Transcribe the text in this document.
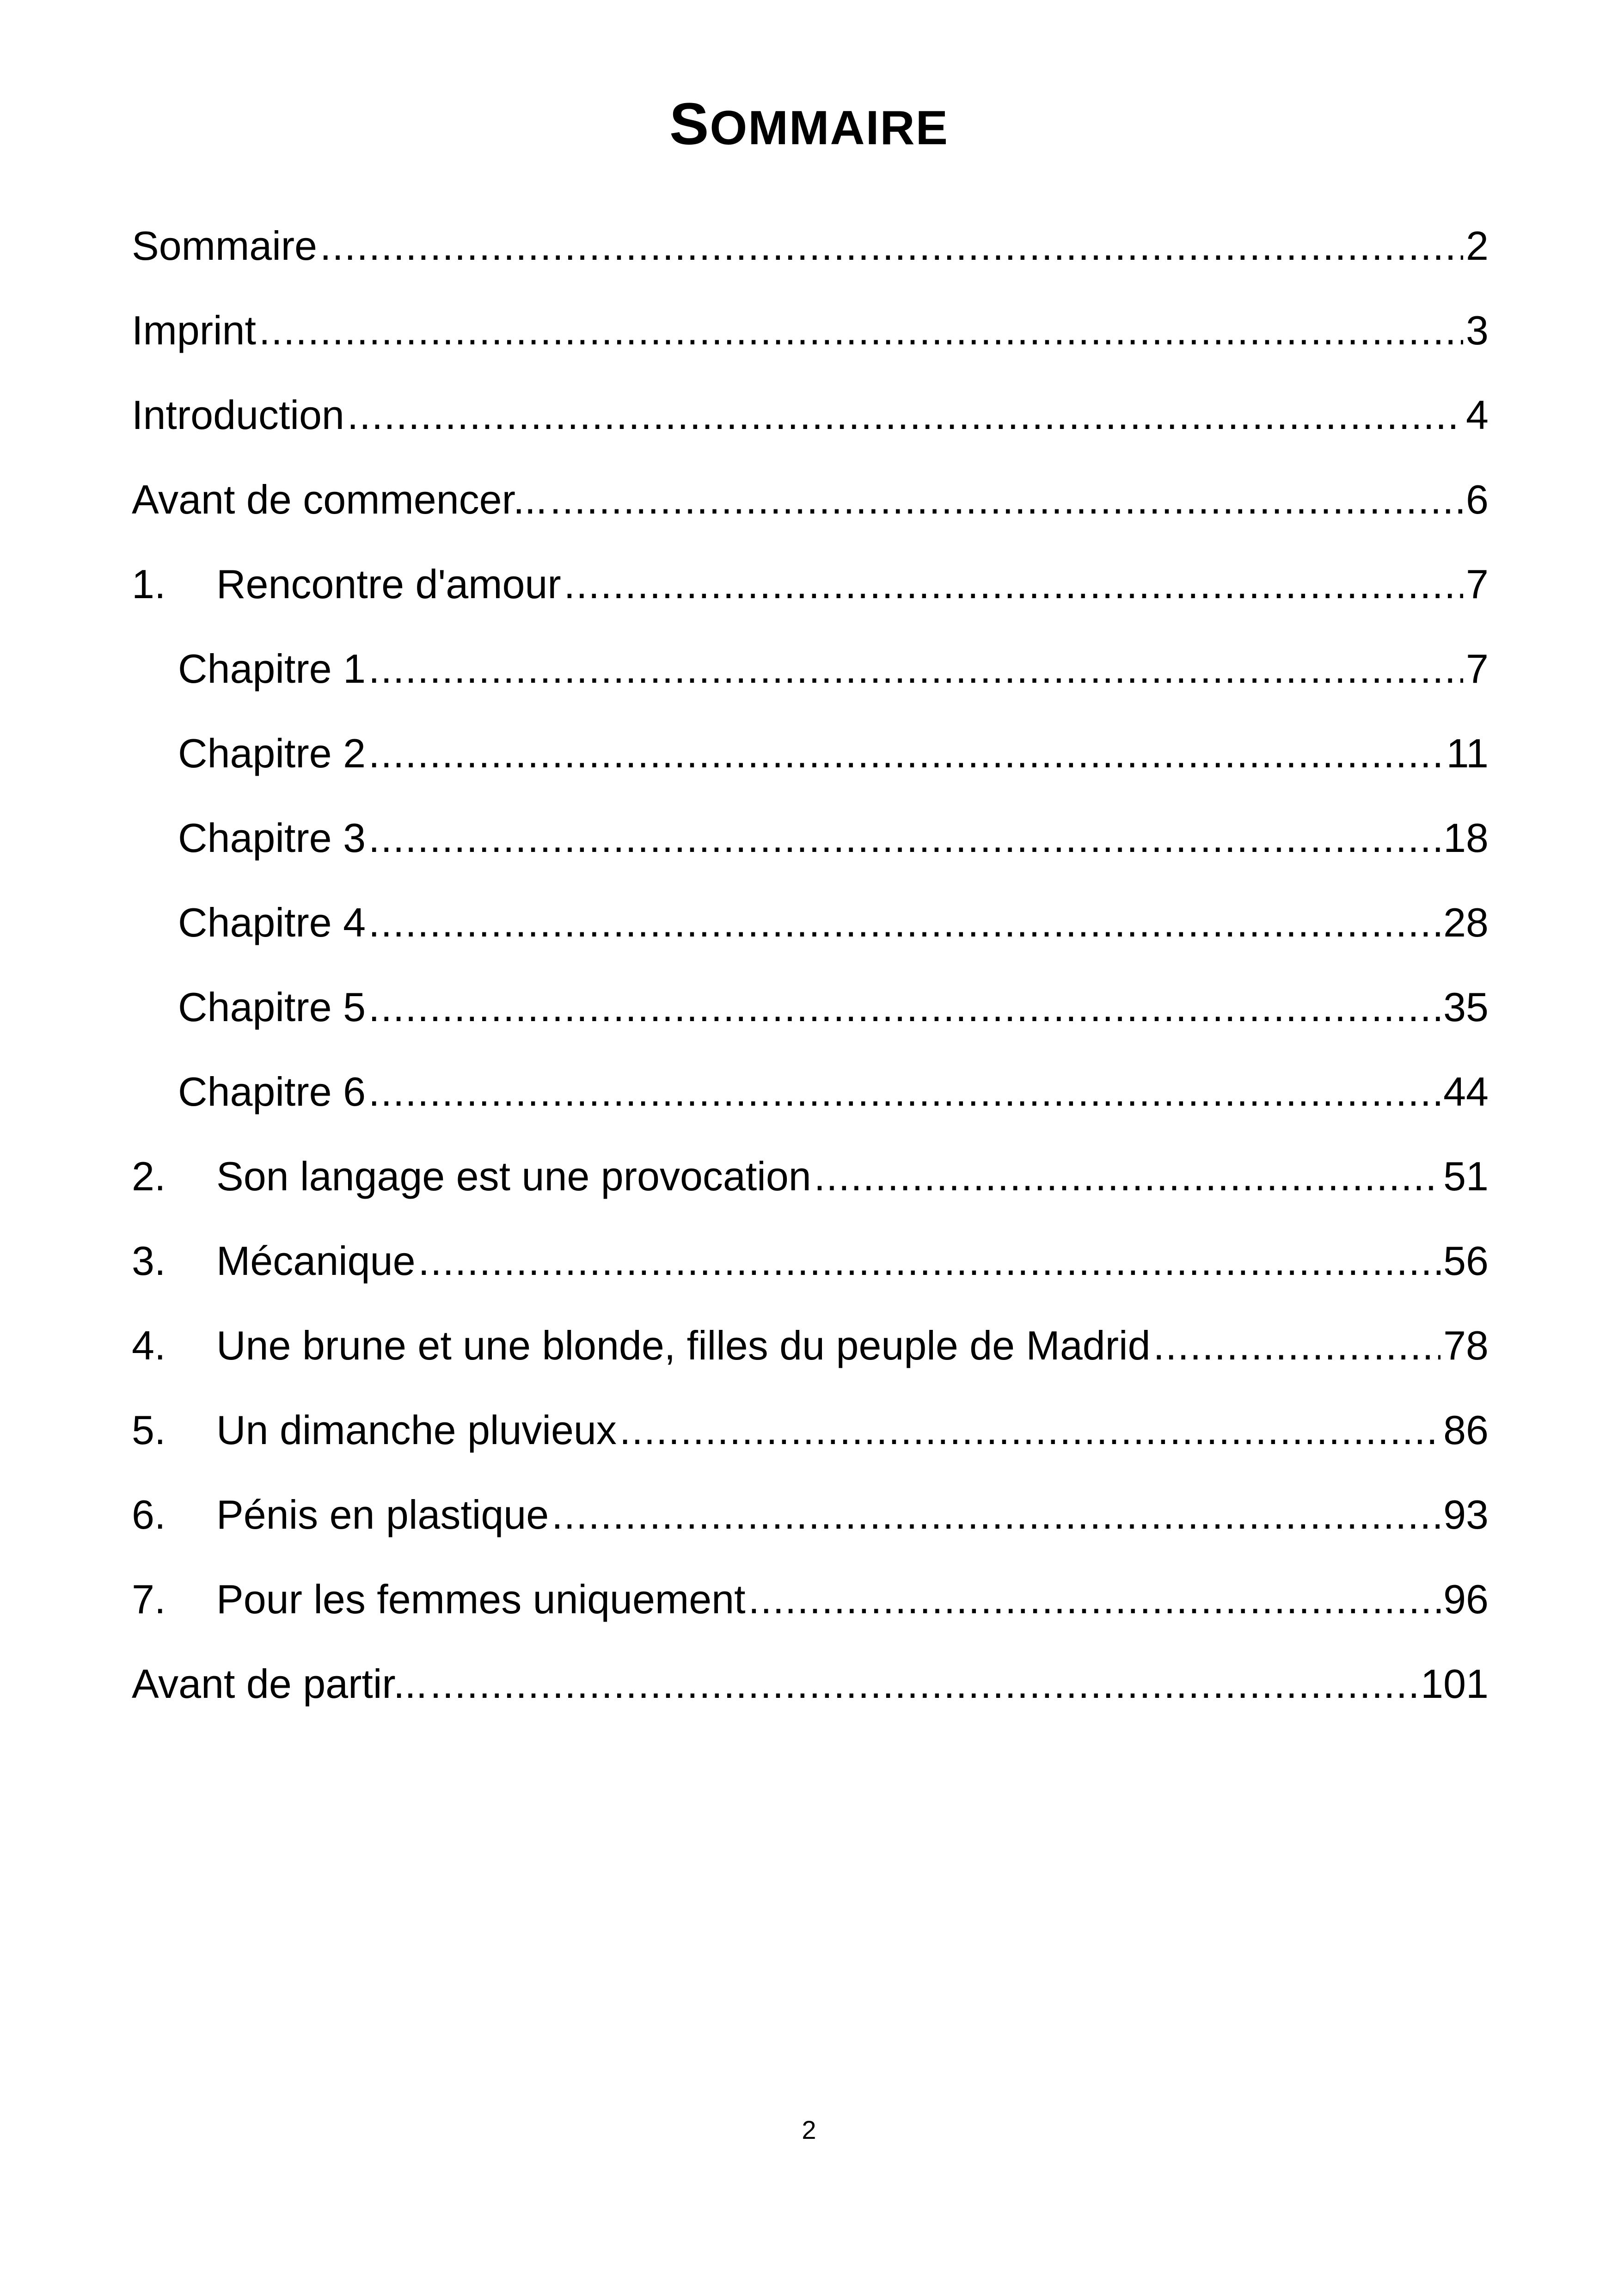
SOMMAIRE
Sommaire .....	2
Imprint .....	3
Introduction .....	4
Avant de commencer... .....	6
1.	Rencontre d'amour .....	7
Chapitre 1 .....	7
Chapitre 2 .....	11
Chapitre 3 .....	18
Chapitre 4 .....	28
Chapitre 5 .....	35
Chapitre 6 .....	44
2.	Son langage est une provocation .....	51
3.	Mécanique .....	56
4.	Une brune et une blonde, filles du peuple de Madrid .....	78
5.	Un dimanche pluvieux .....	86
6.	Pénis en plastique .....	93
7.	Pour les femmes uniquement .....	96
Avant de partir... .....	101
2
